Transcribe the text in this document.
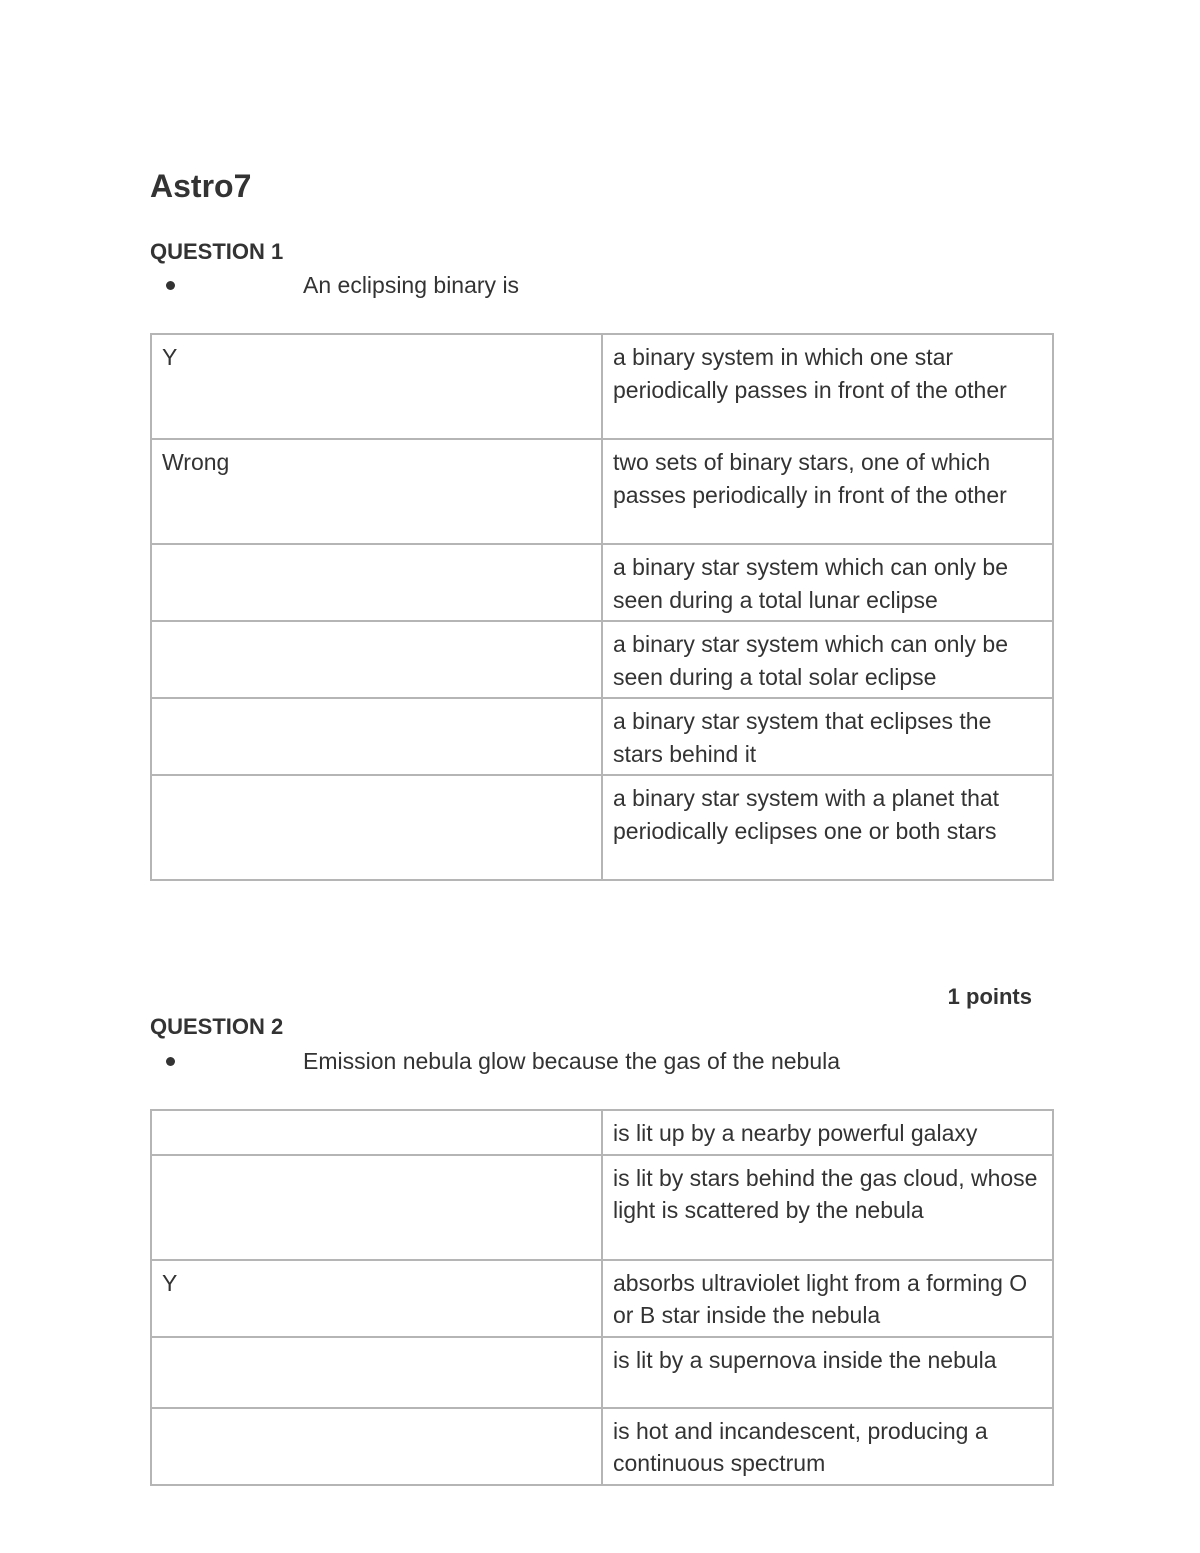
Astro7
QUESTION 1
An eclipsing binary is
Y	a binary system in which one star periodically passes in front of the other
Wrong	two sets of binary stars, one of which passes periodically in front of the other
	a binary star system which can only be seen during a total lunar eclipse
	a binary star system which can only be seen during a total solar eclipse
	a binary star system that eclipses the stars behind it
	a binary star system with a planet that periodically eclipses one or both stars
1 points
QUESTION 2
Emission nebula glow because the gas of the nebula
	is lit up by a nearby powerful galaxy
	is lit by stars behind the gas cloud, whose light is scattered by the nebula
Y	absorbs ultraviolet light from a forming O or B star inside the nebula
	is lit by a supernova inside the nebula
	is hot and incandescent, producing a continuous spectrum
